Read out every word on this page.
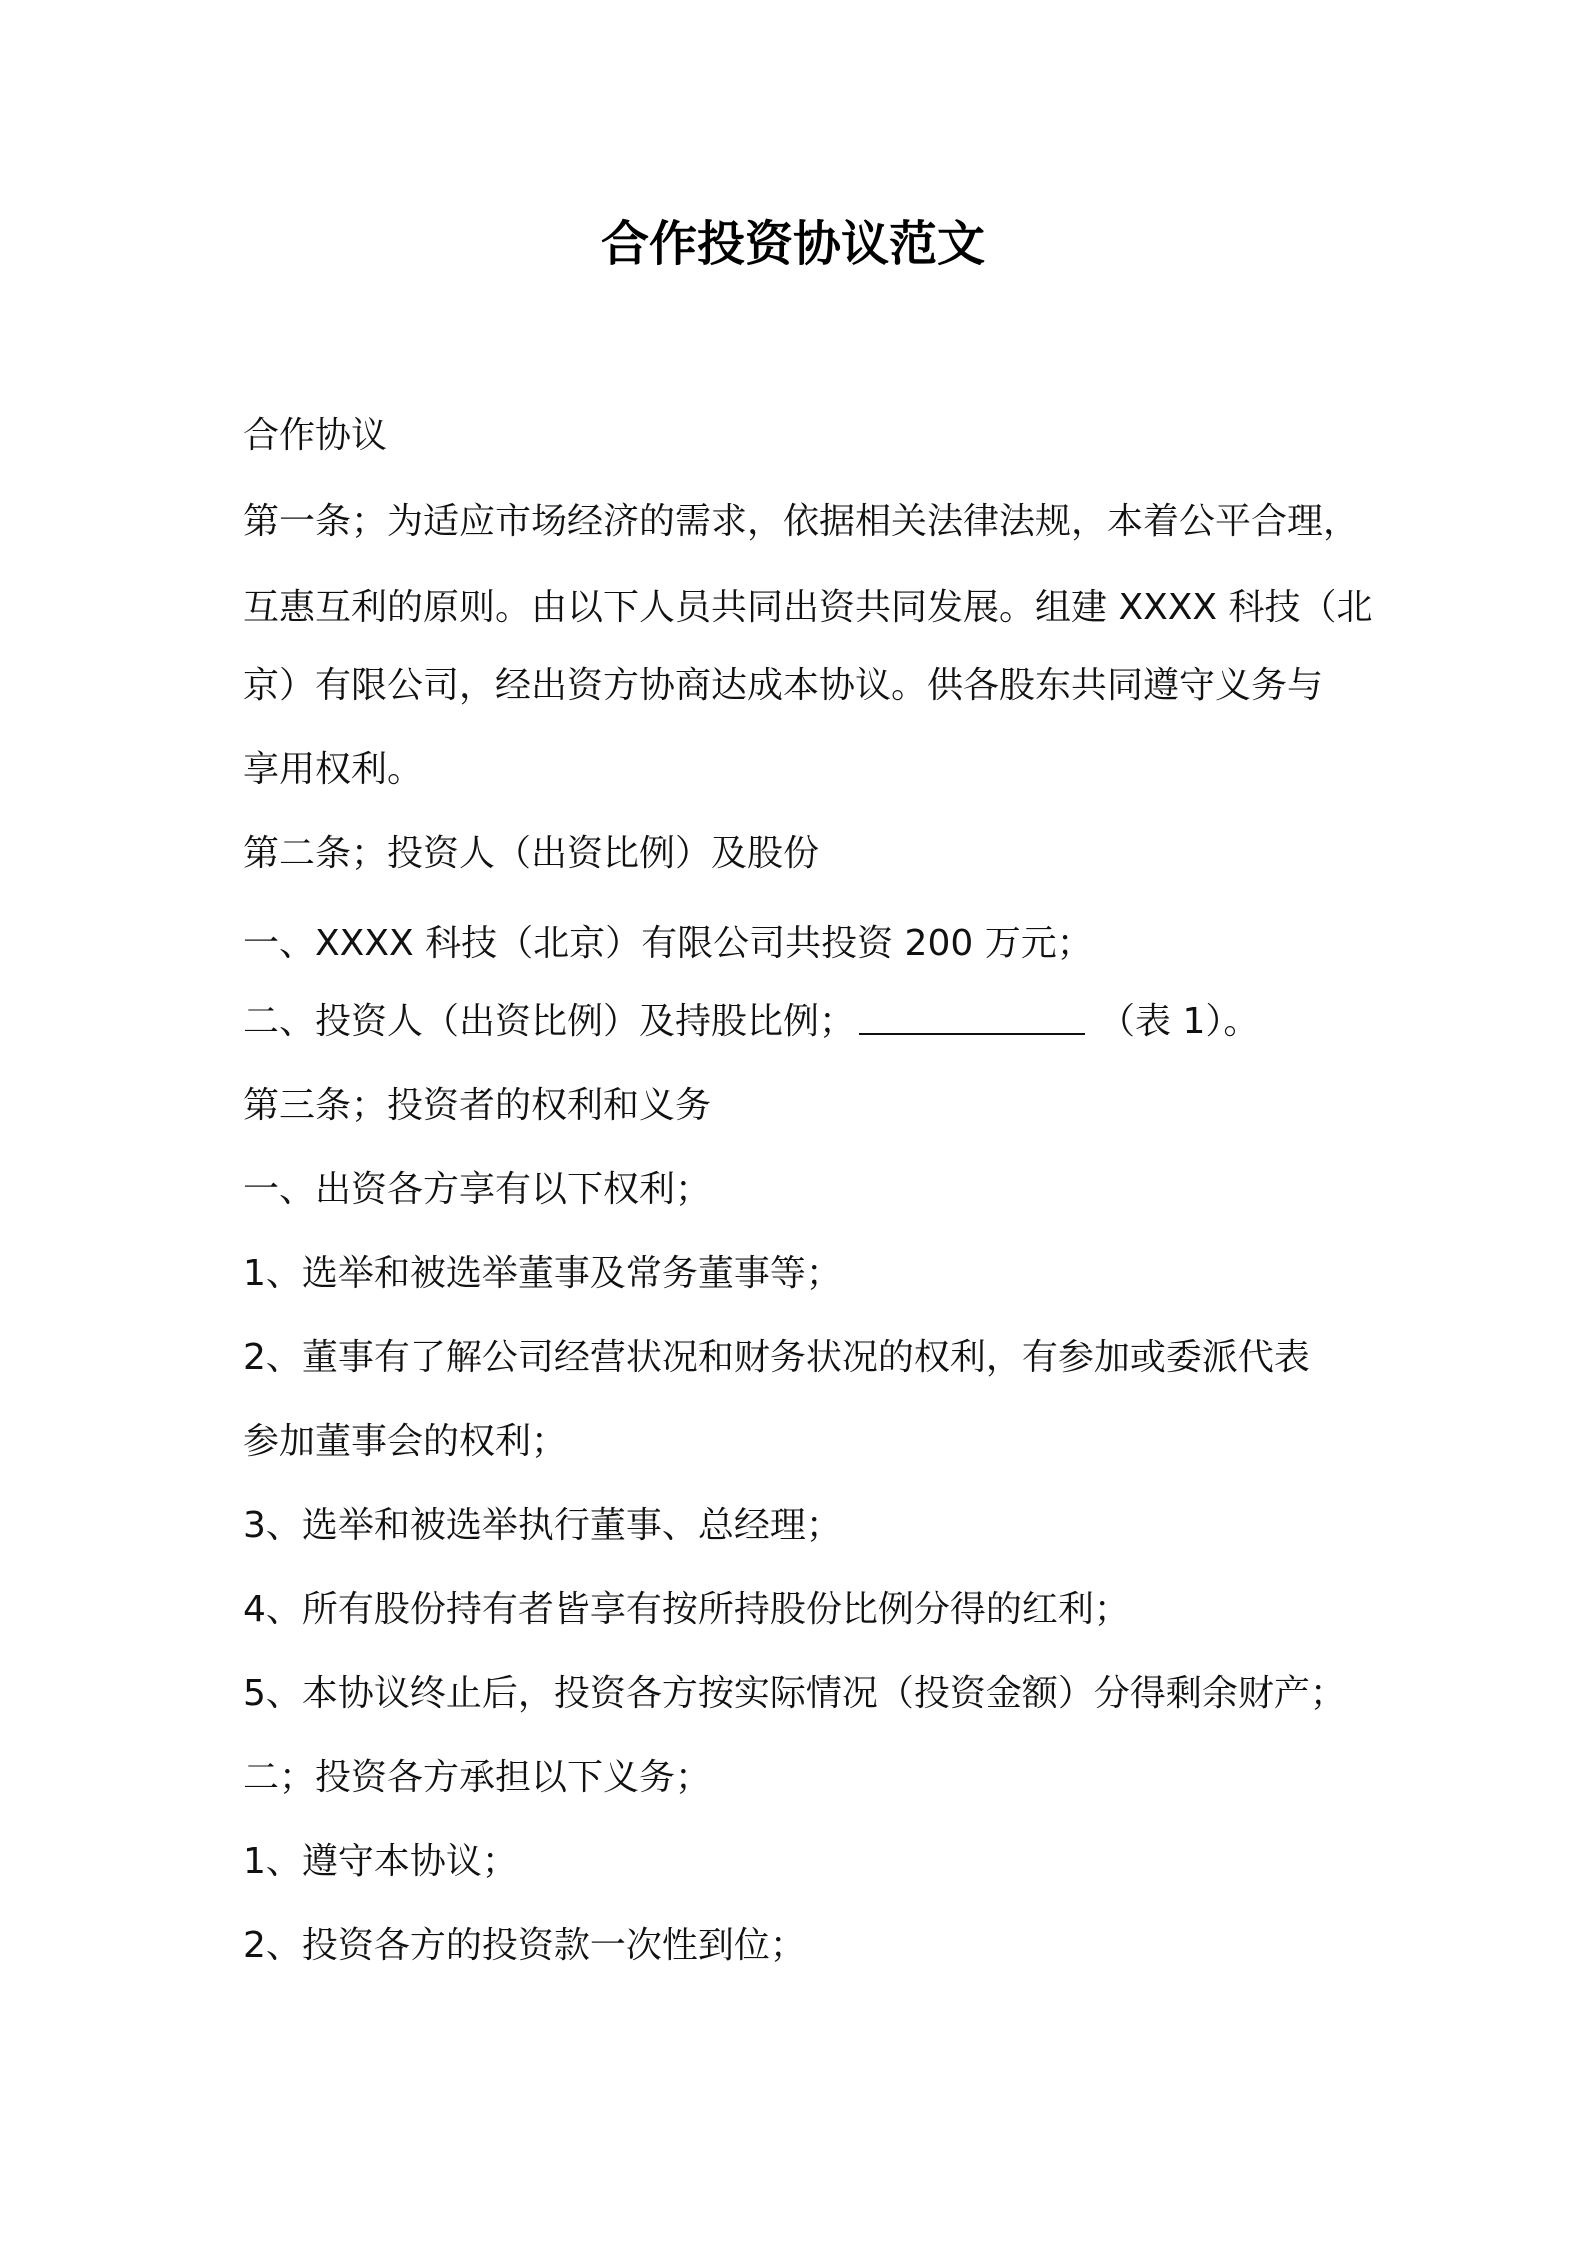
合作投资协议范文

合作协议

第一条；为适应市场经济的需求，依据相关法律法规，本着公平合理，

互惠互利的原则。由以下人员共同出资共同发展。组建 XXXX 科技（北

京）有限公司，经出资方协商达成本协议。供各股东共同遵守义务与

享用权利。

第二条；投资人（出资比例）及股份

一、XXXX 科技（北京）有限公司共投资 200 万元；

二、投资人（出资比例）及持股比例；	（表 1）。

第三条；投资者的权利和义务

一、出资各方享有以下权利；

1、选举和被选举董事及常务董事等；

2、董事有了解公司经营状况和财务状况的权利，有参加或委派代表

参加董事会的权利；

3、选举和被选举执行董事、总经理；

4、所有股份持有者皆享有按所持股份比例分得的红利；

5、本协议终止后，投资各方按实际情况（投资金额）分得剩余财产；

二；投资各方承担以下义务；

1、遵守本协议；

2、投资各方的投资款一次性到位；
